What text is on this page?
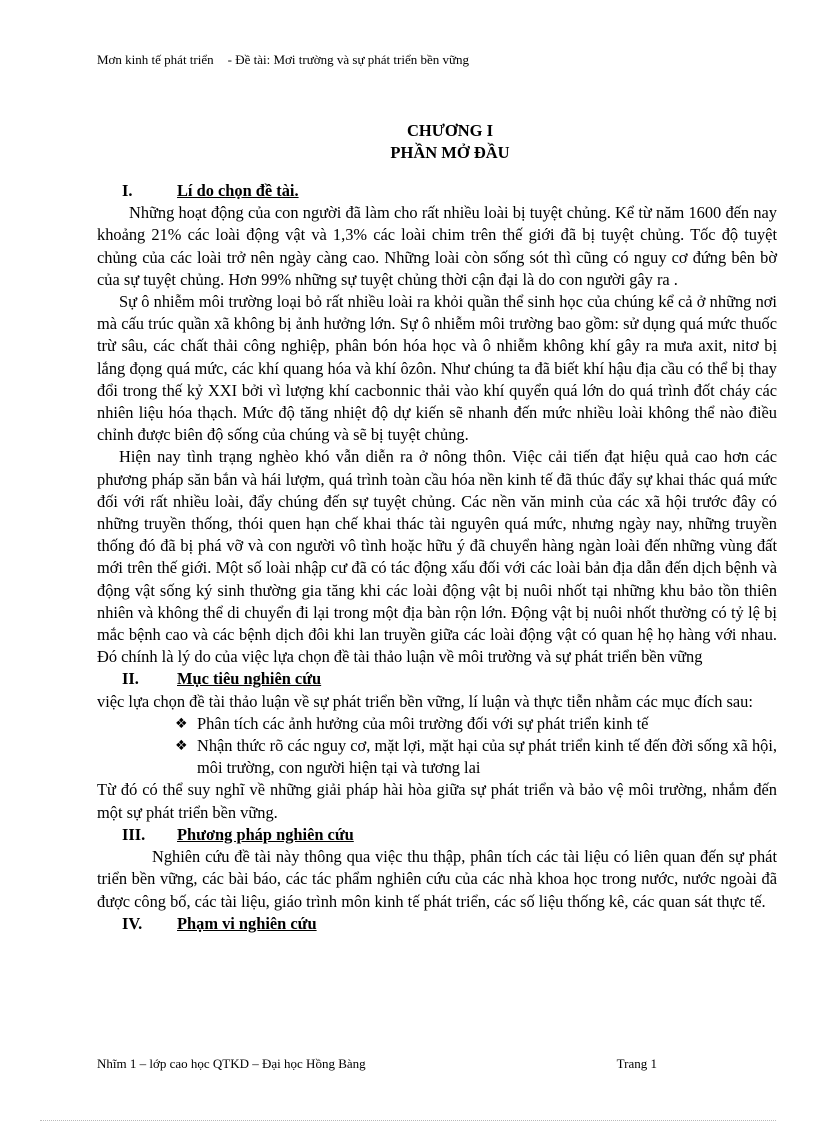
Mơn kinh tế phát triển - Đề tài: Mơi trường và sự phát triển bền vững
CHƯƠNG I
PHẦN MỞ ĐẦU
I.	Lí do chọn đề tài.

Những hoạt động của con người đã làm cho rất nhiều loài bị tuyệt chủng. Kể từ năm 1600 đến nay khoảng 21% các loài động vật và 1,3% các loài chim trên thế giới đã bị tuyệt chủng. Tốc độ tuyệt chủng của các loài trở nên ngày càng cao. Những loài còn sống sót thì cũng có nguy cơ đứng bên bờ của sự tuyệt chủng. Hơn 99% những sự tuyệt chủng thời cận đại là do con người gây ra .

Sự ô nhiễm môi trường loại bỏ rất nhiều loài ra khỏi quần thể sinh học của chúng kể cả ở những nơi mà cấu trúc quần xã không bị ảnh hưởng lớn. Sự ô nhiễm môi trường bao gồm: sử dụng quá mức thuốc trừ sâu, các chất thải công nghiệp, phân bón hóa học và ô nhiễm không khí gây ra mưa axit, nitơ bị lắng đọng quá mức, các khí quang hóa và khí ôzôn. Như chúng ta đã biết khí hậu địa cầu có thể bị thay đổi trong thế kỷ XXI bởi vì lượng khí cacbonnic thải vào khí quyển quá lớn do quá trình đốt cháy các nhiên liệu hóa thạch. Mức độ tăng nhiệt độ dự kiến sẽ nhanh đến mức nhiều loài không thể nào điều chỉnh được biên độ sống của chúng và sẽ bị tuyệt chủng.

Hiện nay tình trạng nghèo khó vẫn diễn ra ở nông thôn. Việc cải tiến đạt hiệu quả cao hơn các phương pháp săn bắn và hái lượm, quá trình toàn cầu hóa nền kinh tế đã thúc đẩy sự khai thác quá mức đối với rất nhiều loài, đẩy chúng đến sự tuyệt chủng. Các nền văn minh của các xã hội trước đây có những truyền thống, thói quen hạn chế khai thác tài nguyên quá mức, nhưng ngày nay, những truyền thống đó đã bị phá vỡ và con người vô tình hoặc hữu ý đã chuyển hàng ngàn loài đến những vùng đất mới trên thế giới. Một số loài nhập cư đã có tác động xấu đối với các loài bản địa dẫn đến dịch bệnh và động vật sống ký sinh thường gia tăng khi các loài động vật bị nuôi nhốt tại những khu bảo tồn thiên nhiên và không thể di chuyển đi lại trong một địa bàn rộn lớn. Động vật bị nuôi nhốt thường có tỷ lệ bị mắc bệnh cao và các bệnh dịch đôi khi lan truyền giữa các loài động vật có quan hệ họ hàng với nhau. Đó chính là lý do của việc lựa chọn đề tài thảo luận về môi trường và sự phát triển bền vững

II.	Mục tiêu nghiên cứu

việc lựa chọn đề tài thảo luận về sự phát triển bền vững, lí luận và thực tiễn nhằm các mục đích sau:

❖ Phân tích các ảnh hưởng của môi trường đối với sự phát triển kinh tế
❖ Nhận thức rõ các nguy cơ, mặt lợi, mặt hại của sự phát triển kinh tế đến đời sống xã hội, môi trường, con người hiện tại và tương lai

Từ đó có thể suy nghĩ về những giải pháp hài hòa giữa sự phát triển và bảo vệ môi trường, nhắm đến một sự phát triển bền vững.

III.	Phương pháp nghiên cứu

Nghiên cứu đề tài này thông qua việc thu thập, phân tích các tài liệu có liên quan đến sự phát triển bền vững, các bài báo, các tác phẩm nghiên cứu của các nhà khoa học trong nước, nước ngoài đã được công bố, các tài liệu, giáo trình môn kinh tế phát triển, các số liệu thống kê, các quan sát thực tế.

IV.	Phạm vi nghiên cứu
Nhĩm 1 – lớp cao học QTKD – Đại học Hồng Bàng	Trang 1
